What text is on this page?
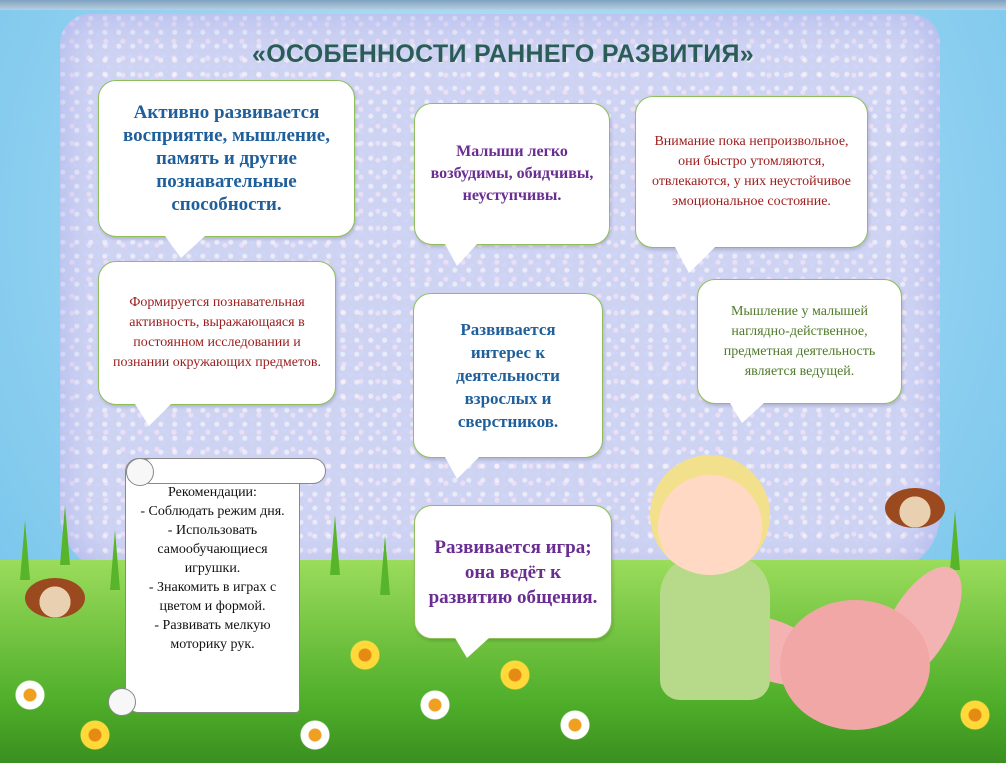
«ОСОБЕННОСТИ РАННЕГО РАЗВИТИЯ»
Активно развивается восприятие, мышление, память и другие познавательные способности.
Малыши легко возбудимы, обидчивы, неуступчивы.
Внимание пока непроизвольное, они быстро утомляются, отвлекаются, у них неустойчивое эмоциональное состояние.
Формируется познавательная активность, выражающаяся в постоянном исследовании и познании окружающих предметов.
Развивается интерес к деятельности взрослых и сверстников.
Мышление у малышей наглядно-действенное, предметная деятельность является ведущей.
Развивается игра; она ведёт к развитию общения.
Рекомендации:
- Соблюдать режим дня.
- Использовать самообучающиеся игрушки.
- Знакомить в играх с цветом и формой.
- Развивать мелкую моторику рук.
